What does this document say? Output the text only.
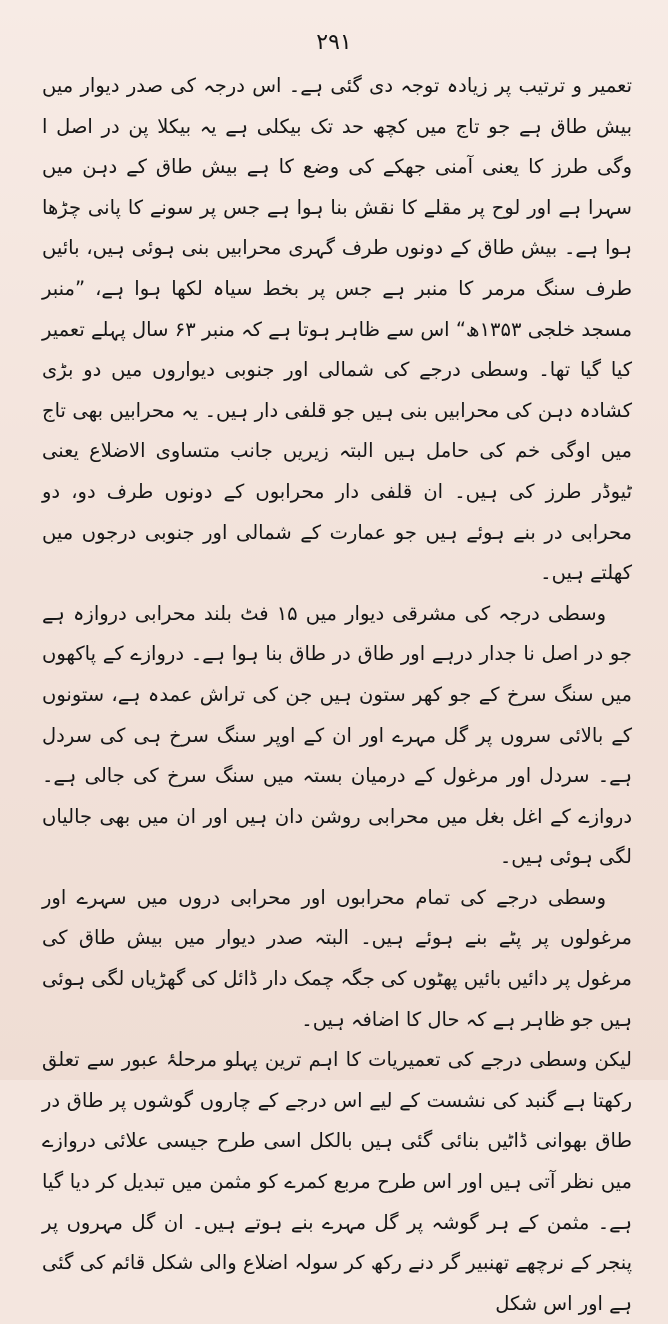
۲۹۱

تعمیر و ترتیب پر زیادہ توجہ دی گئی ہے۔ اس درجہ کی صدر دیوار میں بیش طاق ہے جو تاج میں کچھ حد تک بیکلی ہے یہ بیکلا پن در اصل ا وگی طرز کا یعنی آمنی جھکے کی وضع کا ہے بیش طاق کے دہن میں سہرا ہے اور لوح پر مقلے کا نقش بنا ہوا ہے جس پر سونے کا پانی چڑھا ہوا ہے۔ بیش طاق کے دونوں طرف گہری محرابیں بنی ہوئی ہیں، بائیں طرف سنگ مرمر کا منبر ہے جس پر بخط سیاہ لکھا ہوا ہے، ”منبر مسجد خلجی ۱۳۵۳ھ“ اس سے ظاہر ہوتا ہے کہ منبر ۶۳ سال پہلے تعمیر کیا گیا تھا۔ وسطی درجے کی شمالی اور جنوبی دیواروں میں دو بڑی کشادہ دہن کی محرابیں بنی ہیں جو قلفی دار ہیں۔ یہ محرابیں بھی تاج میں اوگی خم کی حامل ہیں البتہ زیریں جانب متساوی الاضلاع یعنی ٹیوڈر طرز کی ہیں۔ ان قلفی دار محرابوں کے دونوں طرف دو، دو محرابی در بنے ہوئے ہیں جو عمارت کے شمالی اور جنوبی درجوں میں کھلتے ہیں۔

وسطی درجہ کی مشرقی دیوار میں ۱۵ فٹ بلند محرابی دروازہ ہے جو در اصل نا جدار درہے اور طاق در طاق بنا ہوا ہے۔ دروازے کے پاکھوں میں سنگ سرخ کے جو کھر ستون ہیں جن کی تراش عمدہ ہے، ستونوں کے بالائی سروں پر گل مہرے اور ان کے اوپر سنگ سرخ ہی کی سردل ہے۔ سردل اور مرغول کے درمیان بستہ میں سنگ سرخ کی جالی ہے۔ دروازے کے اغل بغل میں محرابی روشن دان ہیں اور ان میں بھی جالیاں لگی ہوئی ہیں۔

وسطی درجے کی تمام محرابوں اور محرابی دروں میں سہرے اور مرغولوں پر پٹے بنے ہوئے ہیں۔ البتہ صدر دیوار میں بیش طاق کی مرغول پر دائیں بائیں پھٹوں کی جگہ چمک دار ڈائل کی گھڑیاں لگی ہوئی ہیں جو ظاہر ہے کہ حال کا اضافہ ہیں۔

لیکن وسطی درجے کی تعمیریات کا اہم ترین پہلو مرحلۂ عبور سے تعلق رکھتا ہے گنبد کی نشست کے لیے اس درجے کے چاروں گوشوں پر طاق در طاق بھوانی ڈاٹیں بنائی گئی ہیں بالکل اسی طرح جیسی علائی دروازے میں نظر آتی ہیں اور اس طرح مربع کمرے کو مثمن میں تبدیل کر دیا گیا ہے۔ مثمن کے ہر گوشہ پر گل مہرے بنے ہوتے ہیں۔ ان گل مہروں پر پنجر کے نرچھے تھنبیر گر دنے رکھ کر سولہ اضلاع والی شکل قائم کی گئی ہے اور اس شکل
